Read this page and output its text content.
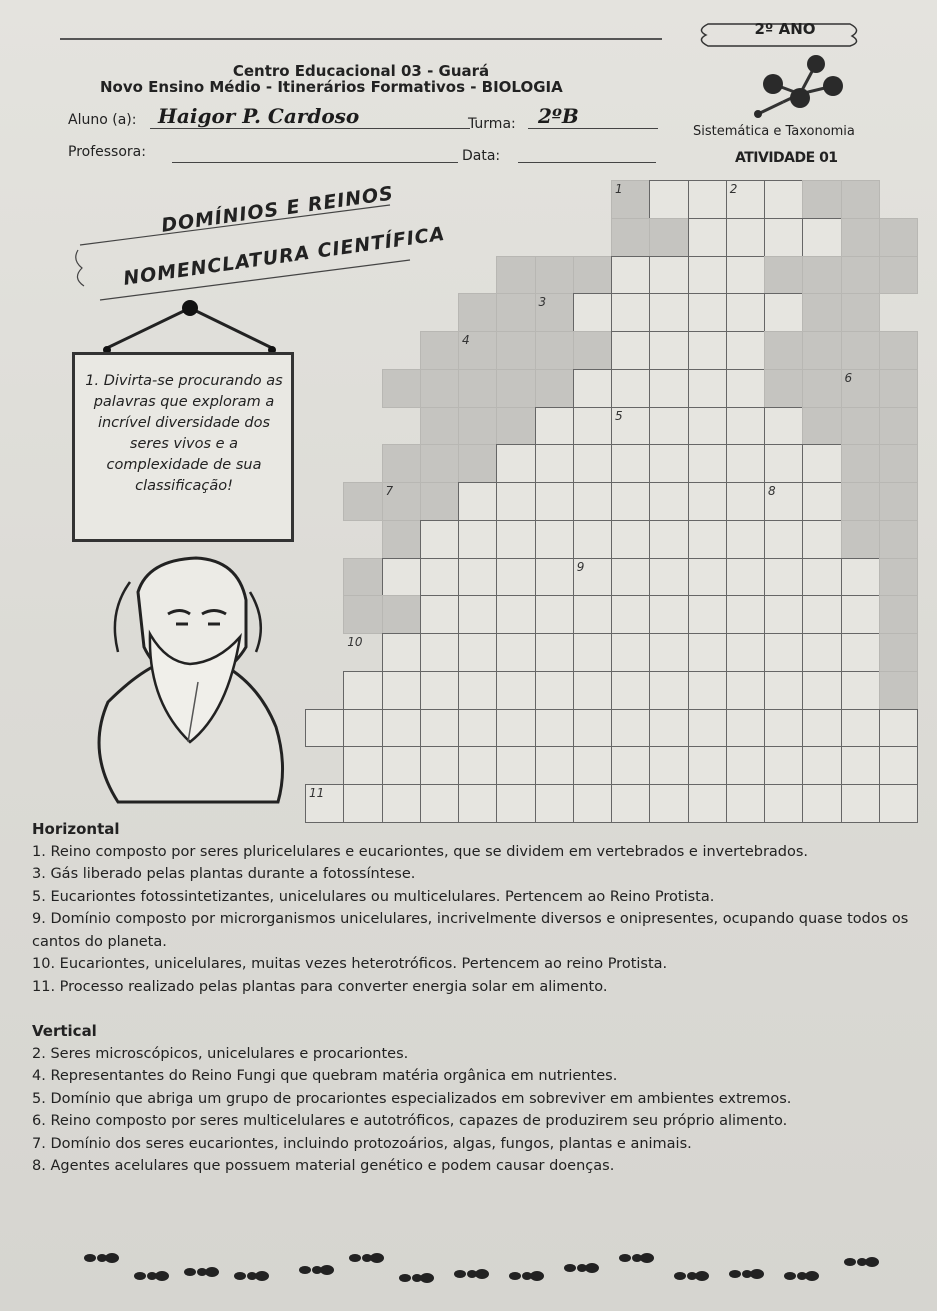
Centro Educacional 03 - Guará
Novo Ensino Médio - Itinerários Formativos - BIOLOGIA
Aluno (a): Haigor P. Cardoso	Turma: 2ºB
Professora:	Data:
2º ANO
Sistemática e Taxonomia
ATIVIDADE 01
DOMÍNIOS E REINOS
NOMENCLATURA CIENTÍFICA
1. Divirta-se procurando as palavras que exploram a incrível diversidade dos seres vivos e a complexidade de sua classificação!
1	2
3
4
5
6
7	8
9
10
11
Horizontal
1. Reino composto por seres pluricelulares e eucariontes, que se dividem em vertebrados e invertebrados.
3. Gás liberado pelas plantas durante a fotossíntese.
5. Eucariontes fotossintetizantes, unicelulares ou multicelulares. Pertencem ao Reino Protista.
9. Domínio composto por microrganismos unicelulares, incrivelmente diversos e onipresentes, ocupando quase todos os cantos do planeta.
10. Eucariontes, unicelulares, muitas vezes heterotróficos. Pertencem ao reino Protista.
11. Processo realizado pelas plantas para converter energia solar em alimento.
Vertical
2. Seres microscópicos, unicelulares e procariontes.
4. Representantes do Reino Fungi que quebram matéria orgânica em nutrientes.
5. Domínio que abriga um grupo de procariontes especializados em sobreviver em ambientes extremos.
6. Reino composto por seres multicelulares e autotróficos, capazes de produzirem seu próprio alimento.
7. Domínio dos seres eucariontes, incluindo protozoários, algas, fungos, plantas e animais.
8. Agentes acelulares que possuem material genético e podem causar doenças.
